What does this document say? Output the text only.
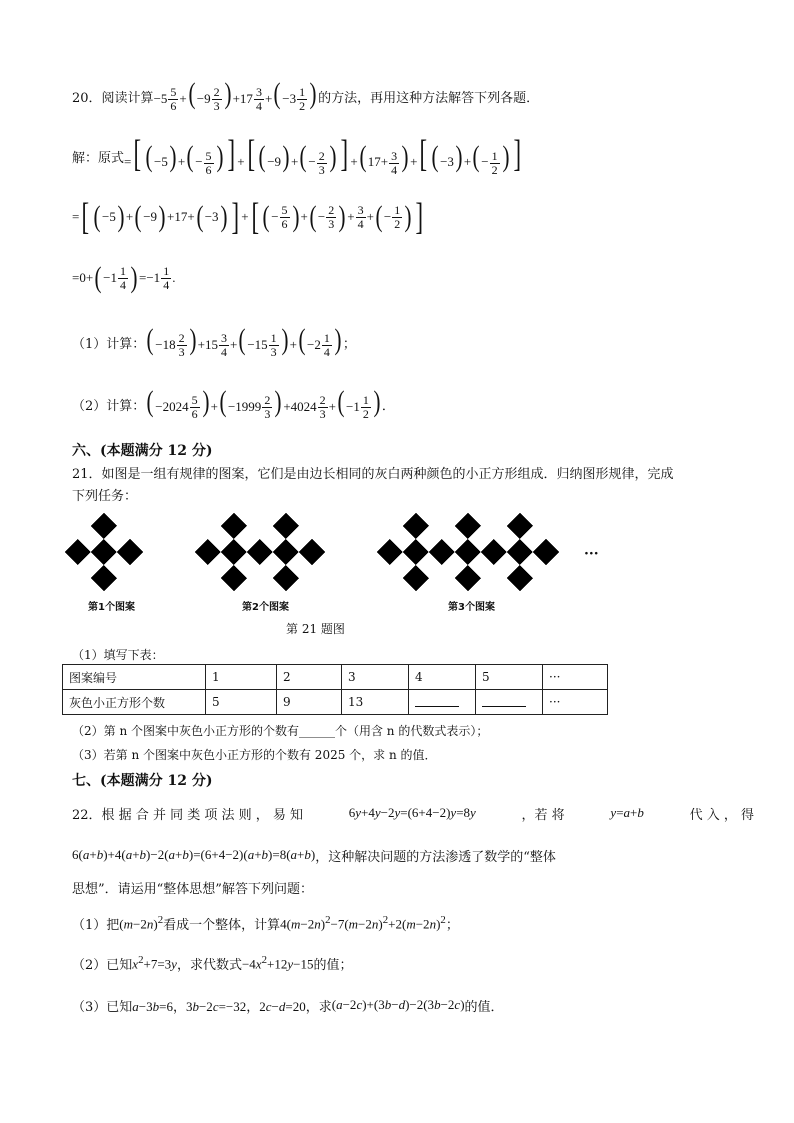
20． 阅读计算 $-5 \frac{5}{6}$ +( $-9 \frac{2}{3}$ ) $+17 \frac{3}{4}$ +( $-3 \frac{1}{2}$ ) 的方法，再用这种方法解答下列各题．
解：原式 =[ ( −5) +( − $\frac{5}{6}$ ) ] +[ ( −9) +( − $\frac{2}{3}$ ) ] +( $17+ \frac{3}{4}$ ) +[ ( −3) +( − $\frac{1}{2}$ ) ]
= [ ( −5 ) + ( −9 ) +17+ ( −3 ) ] + [ ( − $\frac{5}{6}$ ) + ( − $\frac{2}{3}$ ) + $\frac{3}{4}$ + ( − $\frac{1}{2}$ ) ]
=0+ ( $-1 \frac{1}{4}$ ) $=-1 \frac{1}{4}$ .
（1）计算： ( $-18 \frac{2}{3}$ ) $+15 \frac{3}{4}$ +( $-15 \frac{1}{3}$ ) +( $-2 \frac{1}{4}$ ) ；
（2）计算： ( $-2024 \frac{5}{6}$ ) +( $-1999 \frac{2}{3}$ ) $+4024 \frac{2}{3}$ +( $-1 \frac{1}{2}$ ) ．
六、(本题满分 12 分)
21．如图是一组有规律的图案，它们是由边长相同的灰白两种颜色的小正方形组成．归纳图形规律，完成
下列任务：
第1个图案	第2个图案	第3个图案
···
第 21 题图
（1）填写下表：
图案编号	1	2	3	4	5	···
灰色小正方形个数	5	9	13			···
（2）第 n 个图案中灰色小正方形的个数有______个（用含 n 的代数式表示）；
（3）若第 n 个图案中灰色小正方形的个数有 2025 个，求 n 的值．
七、(本题满分 12 分)
22．根 据 合 并 同 类 项 法 则 ， 易 知	6y+4y−2y=(6+4−2)y=8y	，若 将	y=a+b	代 入 ， 得
6(a+b)+4(a+b)−2(a+b)=(6+4−2)(a+b)=8(a+b) ，这种解决问题的方法渗透了数学的“整体
思想”．请运用“整体思想”解答下列问题：
（1）把 $(m-2n)^2$ 看成一个整体，计算 $4(m-2n)^2-7(m-2n)^2+2(m-2n)^2$ ；
（2）已知 $x^2+7=3y$ ，求代数式 $-4x^2+12y-15$ 的值；
（3）已知 a−3b=6，3b−2c=−32，2c−d=20 ，求 (a−2c)+(3b−d)−2(3b−2c) 的值．
